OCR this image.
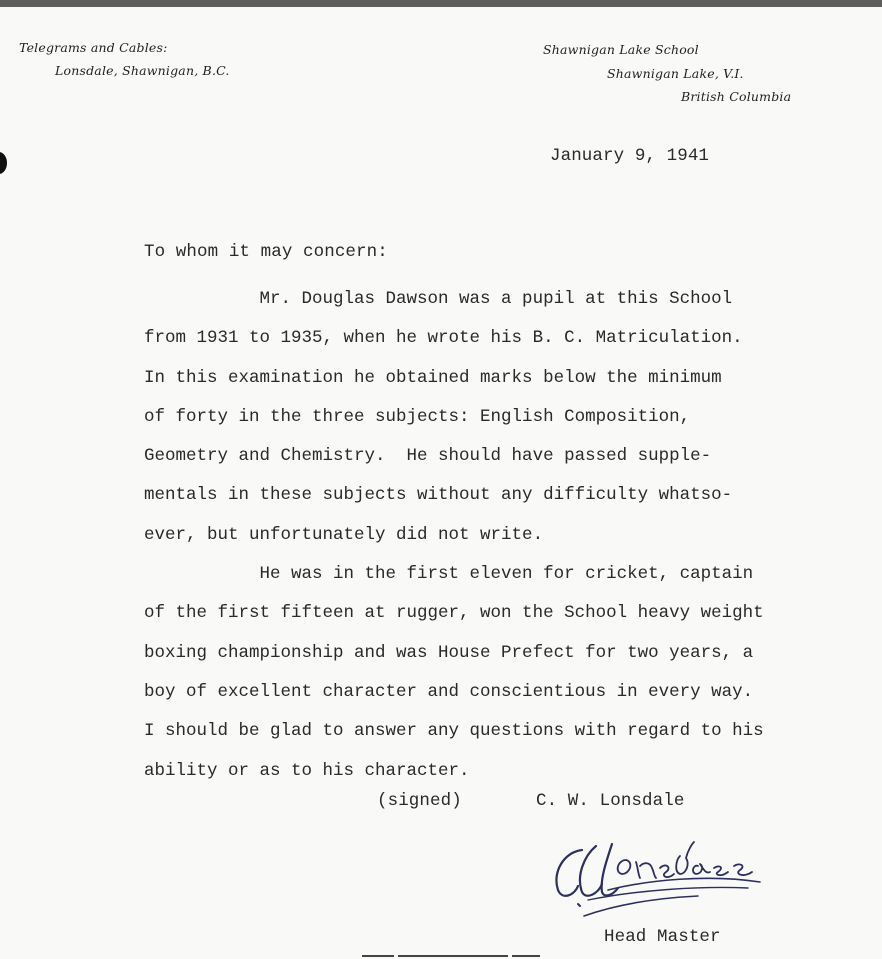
Telegrams and Cables:
Lonsdale, Shawnigan, B.C.
Shawnigan Lake School
Shawnigan Lake, V.I.
British Columbia
January 9, 1941
To whom it may concern:
Mr. Douglas Dawson was a pupil at this School
from 1931 to 1935, when he wrote his B. C. Matriculation.
In this examination he obtained marks below the minimum
of forty in the three subjects: English Composition,
Geometry and Chemistry.  He should have passed supple-
mentals in these subjects without any difficulty whatso-
ever, but unfortunately did not write.
He was in the first eleven for cricket, captain
of the first fifteen at rugger, won the School heavy weight
boxing championship and was House Prefect for two years, a
boy of excellent character and conscientious in every way.
I should be glad to answer any questions with regard to his
ability or as to his character.
(signed)	C. W. Lonsdale
Head Master
